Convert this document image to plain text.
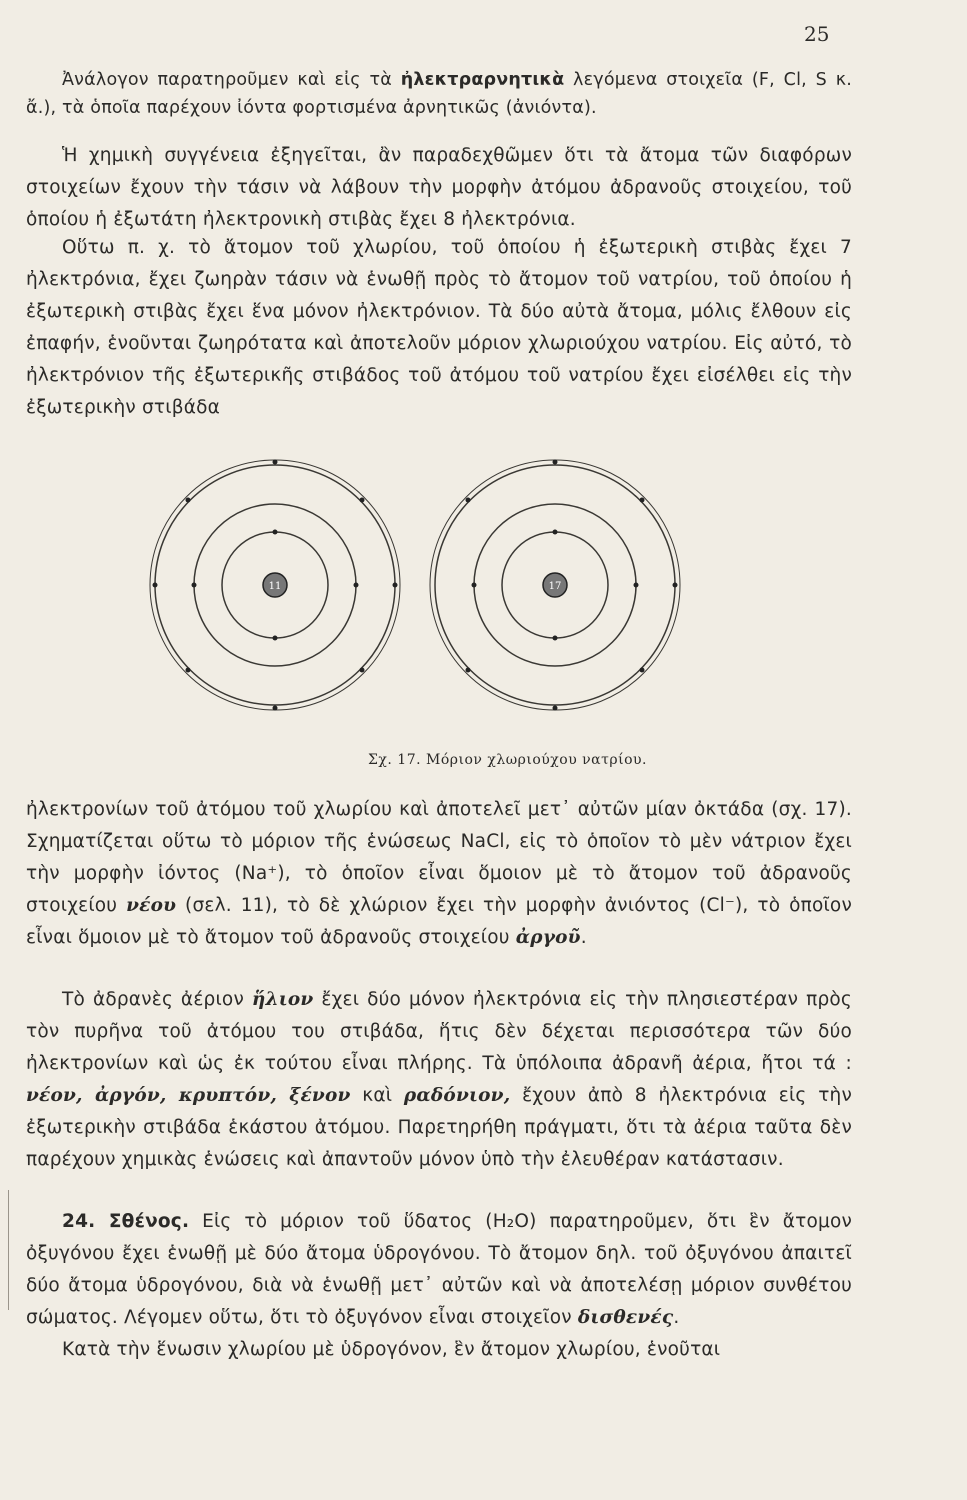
25

Ἀνάλογον παρατηροῦμεν καὶ εἰς τὰ ἠλεκτραρνητικὰ λεγόμενα στοιχεῖα (F, Cl, S κ. ἄ.), τὰ ὁποῖα παρέχουν ἰόντα φορτισμένα ἀρνητικῶς (ἀνιόντα).

Ἡ χημικὴ συγγένεια ἐξηγεῖται, ἂν παραδεχθῶμεν ὅτι τὰ ἄτομα τῶν διαφόρων στοιχείων ἔχουν τὴν τάσιν νὰ λάβουν τὴν μορφὴν ἀτόμου ἀδρανοῦς στοιχείου, τοῦ ὁποίου ἡ ἐξωτάτη ἠλεκτρονικὴ στιβὰς ἔχει 8 ἠλεκτρόνια.

Οὕτω π. χ. τὸ ἄτομον τοῦ χλωρίου, τοῦ ὁποίου ἡ ἐξωτερικὴ στιβὰς ἔχει 7 ἠλεκτρόνια, ἔχει ζωηρὰν τάσιν νὰ ἑνωθῇ πρὸς τὸ ἄτομον τοῦ νατρίου, τοῦ ὁποίου ἡ ἐξωτερικὴ στιβὰς ἔχει ἕνα μόνον ἠλεκτρόνιον. Τὰ δύο αὐτὰ ἄτομα, μόλις ἔλθουν εἰς ἐπαφήν, ἑνοῦνται ζωηρότατα καὶ ἀποτελοῦν μόριον χλωριούχου νατρίου. Εἰς αὐτό, τὸ ἠλεκτρόνιον τῆς ἐξωτερικῆς στιβάδος τοῦ ἀτόμου τοῦ νατρίου ἔχει εἰσέλθει εἰς τὴν ἐξωτερικὴν στιβάδα

11	17
Σχ. 17. Μόριον χλωριούχου νατρίου.

ἠλεκτρονίων τοῦ ἀτόμου τοῦ χλωρίου καὶ ἀποτελεῖ μετ᾽ αὐτῶν μίαν ὀκτάδα (σχ. 17). Σχηματίζεται οὕτω τὸ μόριον τῆς ἑνώσεως NaCl, εἰς τὸ ὁποῖον τὸ μὲν νάτριον ἔχει τὴν μορφὴν ἰόντος (Na⁺), τὸ ὁποῖον εἶναι ὅμοιον μὲ τὸ ἄτομον τοῦ ἀδρανοῦς στοιχείου νέου (σελ. 11), τὸ δὲ χλώριον ἔχει τὴν μορφὴν ἀνιόντος (Cl⁻), τὸ ὁποῖον εἶναι ὅμοιον μὲ τὸ ἄτομον τοῦ ἀδρανοῦς στοιχείου ἀργοῦ.

Τὸ ἀδρανὲς ἀέριον ἥλιον ἔχει δύο μόνον ἠλεκτρόνια εἰς τὴν πλησιεστέραν πρὸς τὸν πυρῆνα τοῦ ἀτόμου του στιβάδα, ἥτις δὲν δέχεται περισσότερα τῶν δύο ἠλεκτρονίων καὶ ὡς ἐκ τούτου εἶναι πλήρης. Τὰ ὑπόλοιπα ἀδρανῆ ἀέρια, ἤτοι τά : νέον, ἀργόν, κρυπτόν, ξένον καὶ ραδόνιον, ἔχουν ἀπὸ 8 ἠλεκτρόνια εἰς τὴν ἐξωτερικὴν στιβάδα ἑκάστου ἀτόμου. Παρετηρήθη πράγματι, ὅτι τὰ ἀέρια ταῦτα δὲν παρέχουν χημικὰς ἑνώσεις καὶ ἀπαντοῦν μόνον ὑπὸ τὴν ἐλευθέραν κατάστασιν.

24. Σθένος. Εἰς τὸ μόριον τοῦ ὕδατος (H₂O) παρατηροῦμεν, ὅτι ἓν ἄτομον ὀξυγόνου ἔχει ἑνωθῇ μὲ δύο ἄτομα ὑδρογόνου. Τὸ ἄτομον δηλ. τοῦ ὀξυγόνου ἀπαιτεῖ δύο ἄτομα ὑδρογόνου, διὰ νὰ ἑνωθῇ μετ᾽ αὐτῶν καὶ νὰ ἀποτελέσῃ μόριον συνθέτου σώματος. Λέγομεν οὕτω, ὅτι τὸ ὀξυγόνον εἶναι στοιχεῖον δισθενές.

Κατὰ τὴν ἕνωσιν χλωρίου μὲ ὑδρογόνον, ἓν ἄτομον χλωρίου, ἑνοῦται
